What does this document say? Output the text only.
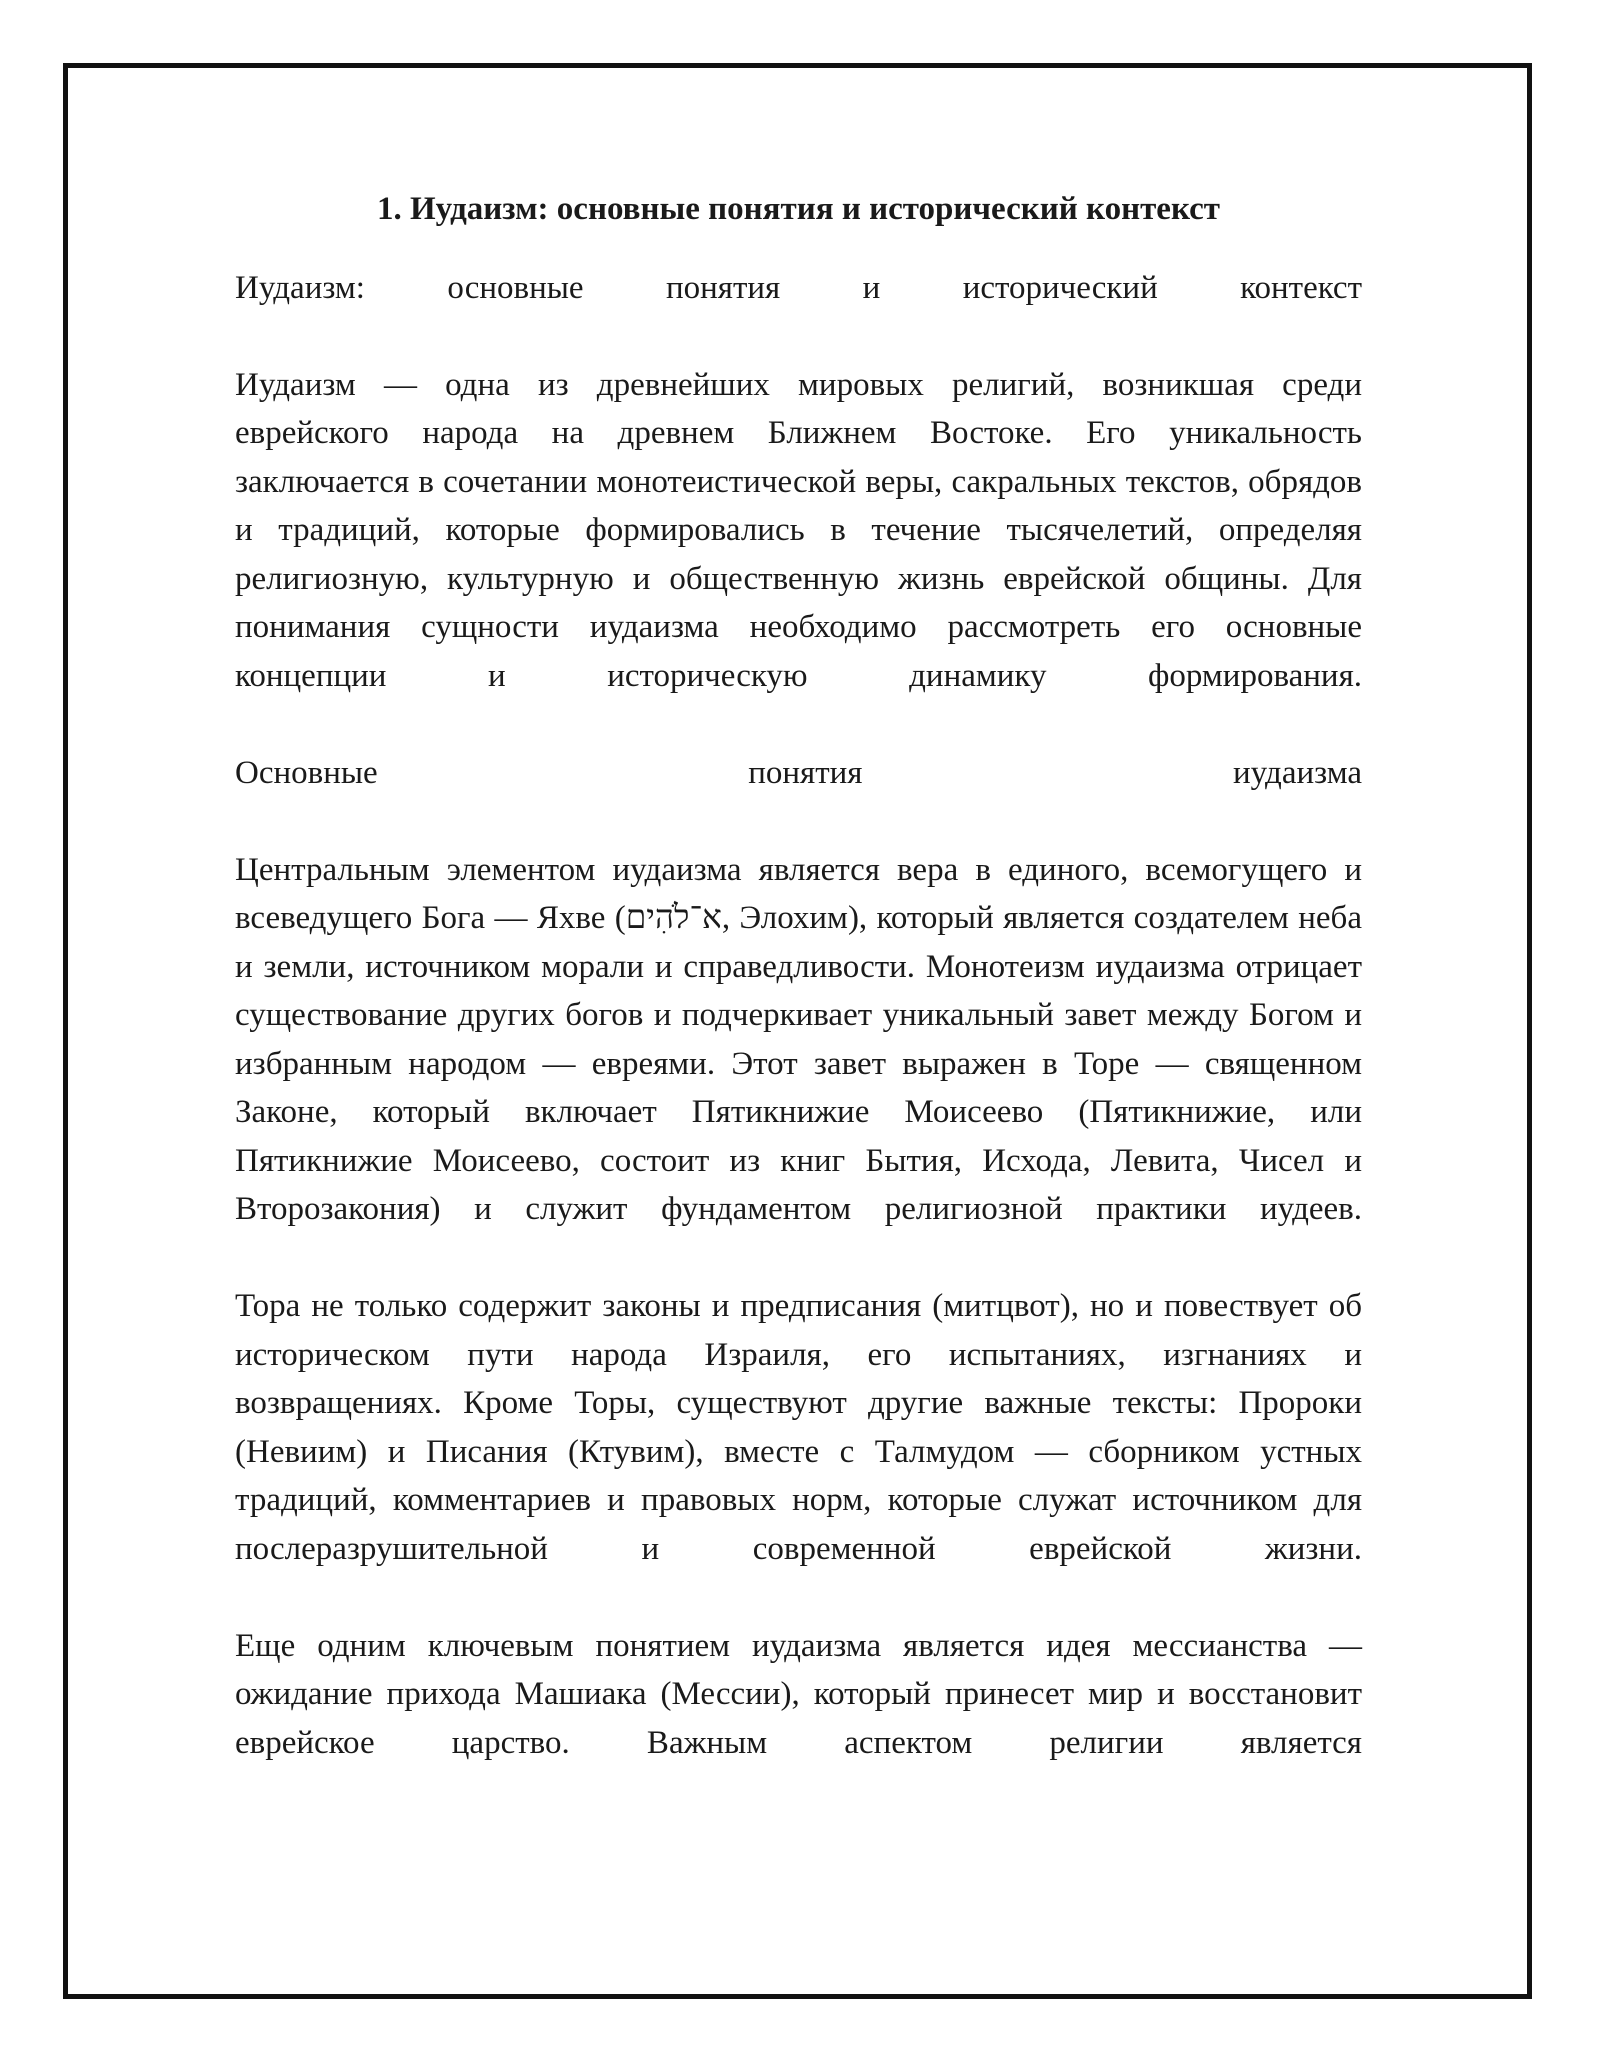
1. Иудаизм: основные понятия и исторический контекст

Иудаизм: основные понятия и исторический контекст

Иудаизм — одна из древнейших мировых религий, возникшая среди еврейского народа на древнем Ближнем Востоке. Его уникальность заключается в сочетании монотеистической веры, сакральных текстов, обрядов и традиций, которые формировались в течение тысячелетий, определяя религиозную, культурную и общественную жизнь еврейской общины. Для понимания сущности иудаизма необходимо рассмотреть его основные концепции и историческую динамику формирования.

Основные понятия иудаизма

Центральным элементом иудаизма является вера в единого, всемогущего и всеведущего Бога — Яхве (א־לֹהִים, Элохим), который является создателем неба и земли, источником морали и справедливости. Монотеизм иудаизма отрицает существование других богов и подчеркивает уникальный завет между Богом и избранным народом — евреями. Этот завет выражен в Торе — священном Законе, который включает Пятикнижие Моисеево (Пятикнижие, или Пятикнижие Моисеево, состоит из книг Бытия, Исхода, Левита, Чисел и Второзакония) и служит фундаментом религиозной практики иудеев.

Тора не только содержит законы и предписания (митцвот), но и повествует об историческом пути народа Израиля, его испытаниях, изгнаниях и возвращениях. Кроме Торы, существуют другие важные тексты: Пророки (Невиим) и Писания (Ктувим), вместе с Талмудом — сборником устных традиций, комментариев и правовых норм, которые служат источником для послеразрушительной и современной еврейской жизни.

Еще одним ключевым понятием иудаизма является идея мессианства — ожидание прихода Машиака (Мессии), который принесет мир и восстановит еврейское царство. Важным аспектом религии является
